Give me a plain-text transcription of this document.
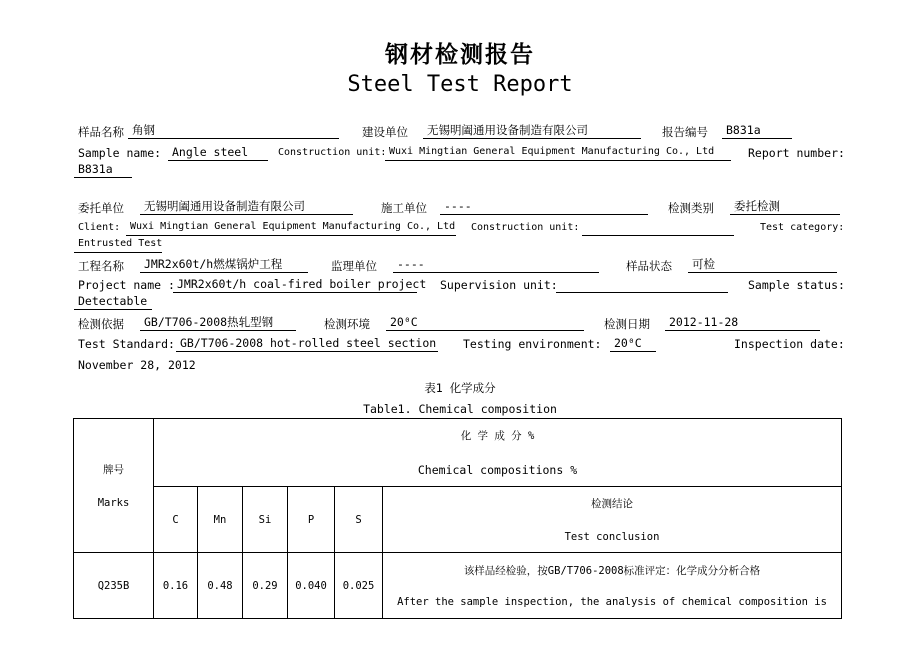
钢材检测报告
Steel Test Report
样品名称 角钢	建设单位	无锡明阖通用设备制造有限公司	报告编号	B831a
Sample name: Angle steel	Construction unit: Wuxi Mingtian General Equipment Manufacturing Co., Ltd	Report number:
B831a
委托单位	无锡明阖通用设备制造有限公司	施工单位	----	检测类别	委托检测
Client: Wuxi Mingtian General Equipment Manufacturing Co., Ltd Construction unit:	Test category:
Entrusted Test
工程名称	JMR2x60t/h燃煤锅炉工程	监理单位	----	样品状态	可检
Project name : JMR2x60t/h coal-fired boiler project Supervision unit:	Sample status:
Detectable
检测依据	GB/T706-2008热轧型钢	检测环境	20⁰C	检测日期	2012-11-28
Test Standard: GB/T706-2008 hot-rolled steel section Testing environment:	20⁰C	Inspection date:
November 28, 2012
表1 化学成分
Table1. Chemical composition
牌号
Marks	化 学 成 分 %
Chemical compositions %					

	C	Mn	Si	P	S	检测结论
Test conclusion

Q235B	0.16	0.48	0.29	0.040	0.025	该样品经检验，按GB/T706-2008标准评定：化学成分分析合格
After the sample inspection, the analysis of chemical composition is
